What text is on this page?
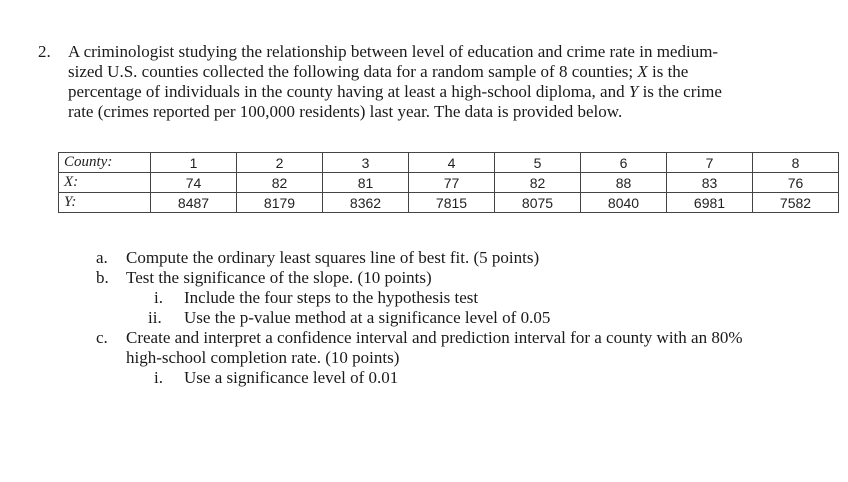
2. A criminologist studying the relationship between level of education and crime rate in medium-
sized U.S. counties collected the following data for a random sample of 8 counties; X is the
percentage of individuals in the county having at least a high-school diploma, and Y is the crime
rate (crimes reported per 100,000 residents) last year. The data is provided below.
County:	1	2	3	4	5	6	7	8
X:	74	82	81	77	82	88	83	76
Y:	8487	8179	8362	7815	8075	8040	6981	7582
a. Compute the ordinary least squares line of best fit. (5 points)
b. Test the significance of the slope. (10 points)
i. Include the four steps to the hypothesis test
ii. Use the p-value method at a significance level of 0.05
c. Create and interpret a confidence interval and prediction interval for a county with an 80%
high-school completion rate. (10 points)
i. Use a significance level of 0.01
